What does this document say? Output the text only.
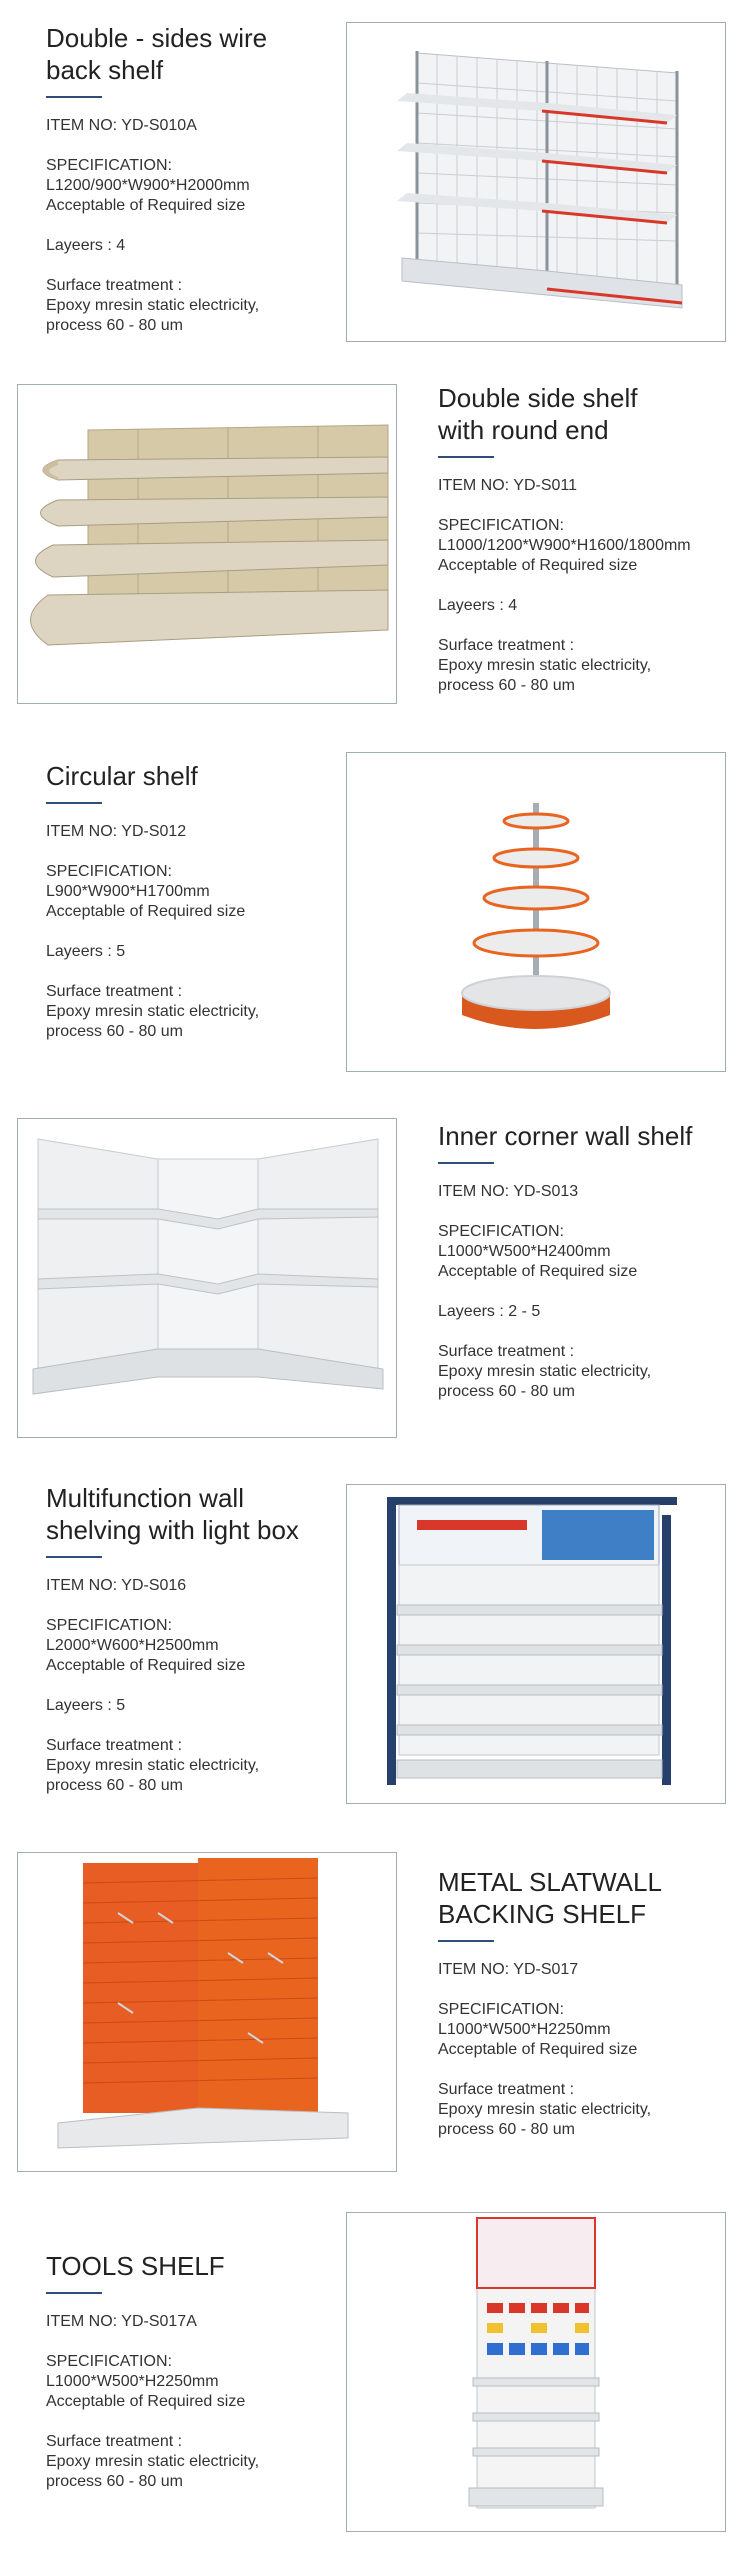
Double - sides wire
back shelf

ITEM NO: YD-S010A

SPECIFICATION:
L1200/900*W900*H2000mm
Acceptable of Required size

Layeers : 4

Surface treatment :
Epoxy mresin static electricity,
process 60 - 80 um

Double side shelf
with round end

ITEM NO: YD-S011

SPECIFICATION:
L1000/1200*W900*H1600/1800mm
Acceptable of Required size

Layeers : 4

Surface treatment :
Epoxy mresin static electricity,
process 60 - 80 um

Circular shelf

ITEM NO: YD-S012

SPECIFICATION:
L900*W900*H1700mm
Acceptable of Required size

Layeers : 5

Surface treatment :
Epoxy mresin static electricity,
process 60 - 80 um

Inner corner wall shelf

ITEM NO: YD-S013

SPECIFICATION:
L1000*W500*H2400mm
Acceptable of Required size

Layeers : 2 - 5

Surface treatment :
Epoxy mresin static electricity,
process 60 - 80 um

Multifunction wall
shelving with light box

ITEM NO: YD-S016

SPECIFICATION:
L2000*W600*H2500mm
Acceptable of Required size

Layeers : 5

Surface treatment :
Epoxy mresin static electricity,
process 60 - 80 um

METAL SLATWALL
BACKING SHELF

ITEM NO: YD-S017

SPECIFICATION:
L1000*W500*H2250mm
Acceptable of Required size

Surface treatment :
Epoxy mresin static electricity,
process 60 - 80 um

TOOLS SHELF

ITEM NO: YD-S017A

SPECIFICATION:
L1000*W500*H2250mm
Acceptable of Required size

Surface treatment :
Epoxy mresin static electricity,
process 60 - 80 um
